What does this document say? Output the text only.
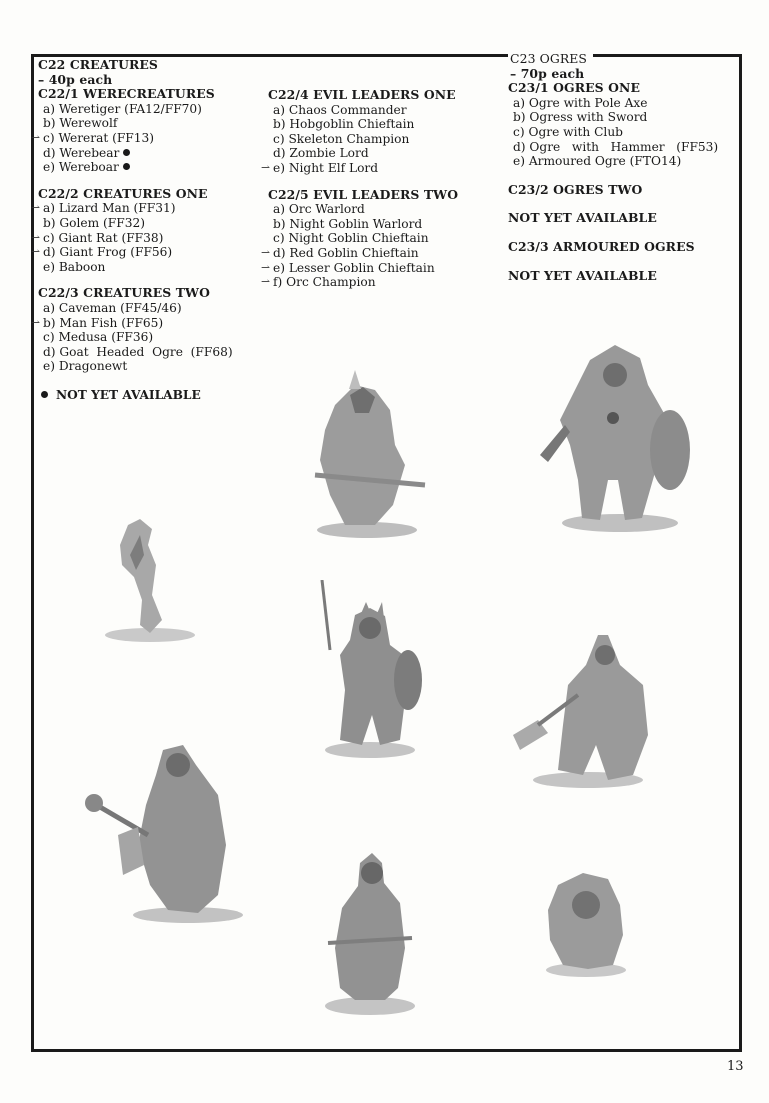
C22 CREATURES
– 40p each
C22/1 WERECREATURES
a) Weretiger (FA12/FF70)
b) Werewolf
⇀ c) Wererat (FF13)
d) Werebear
e) Wereboar
C22/2 CREATURES ONE
⇀ a) Lizard Man (FF31)
b) Golem (FF32)
⇀ c) Giant Rat (FF38)
⇀ d) Giant Frog (FF56)
e) Baboon
C22/3 CREATURES TWO
a) Caveman (FF45/46)
⇀ b) Man Fish (FF65)
c) Medusa (FF36)
d) Goat  Headed  Ogre  (FF68)
e) Dragonewt
NOT YET AVAILABLE
C22/4 EVIL LEADERS ONE
a) Chaos Commander
b) Hobgoblin Chieftain
c) Skeleton Champion
d) Zombie Lord
⇀ e) Night Elf Lord
C22/5 EVIL LEADERS TWO
a) Orc Warlord
b) Night Goblin Warlord
c) Night Goblin Chieftain
⇀ d) Red Goblin Chieftain
⇀ e) Lesser Goblin Chieftain
⇀ f) Orc Champion
C23 OGRES
– 70p each
C23/1 OGRES ONE
a) Ogre with Pole Axe
b) Ogress with Sword
c) Ogre with Club
d) Ogre   with   Hammer   (FF53)
e) Armoured Ogre (FTO14)
C23/2 OGRES TWO
NOT YET AVAILABLE
C23/3 ARMOURED OGRES
NOT YET AVAILABLE
13
